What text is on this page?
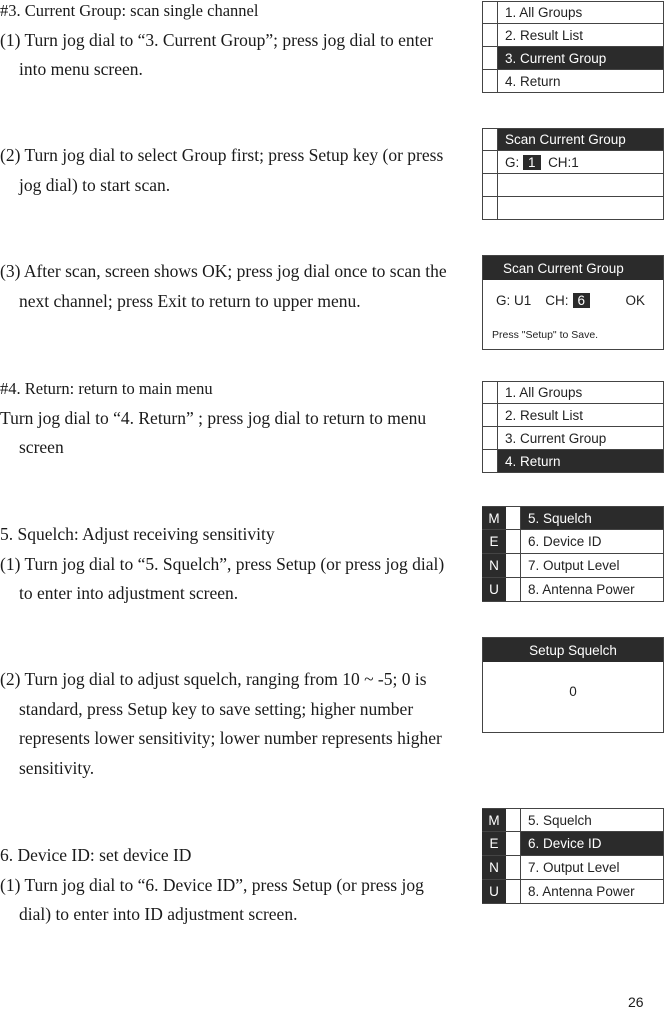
#3. Current Group: scan single channel

(1) Turn jog dial to “3. Current Group”; press jog dial to enter into menu screen.

(2) Turn jog dial to select Group first; press Setup key (or press jog dial) to start scan.

(3) After scan, screen shows OK; press jog dial once to scan the next channel; press Exit to return to upper menu.

#4. Return: return to main menu

Turn jog dial to “4. Return” ; press jog dial to return to menu screen

5. Squelch: Adjust receiving sensitivity

(1) Turn jog dial to “5. Squelch”, press Setup (or press jog dial) to enter into adjustment screen.

(2) Turn jog dial to adjust squelch, ranging from 10 ~ -5; 0 is standard, press Setup key to save setting; higher number represents lower sensitivity; lower number represents higher sensitivity.

6. Device ID: set device ID

(1) Turn jog dial to “6. Device ID”, press Setup (or press jog dial) to enter into ID adjustment screen.

1. All Groups
2. Result List
3. Current Group
4. Return
Scan Current Group
G: 1 CH:1
Scan Current Group
G: U1 CH: 6	OK
Press "Setup" to Save.
1. All Groups
2. Result List
3. Current Group
4. Return
M	5. Squelch
E	6. Device ID
N	7. Output Level
U	8. Antenna Power
Setup Squelch
0
M	5. Squelch
E	6. Device ID
N	7. Output Level
U	8. Antenna Power
26
